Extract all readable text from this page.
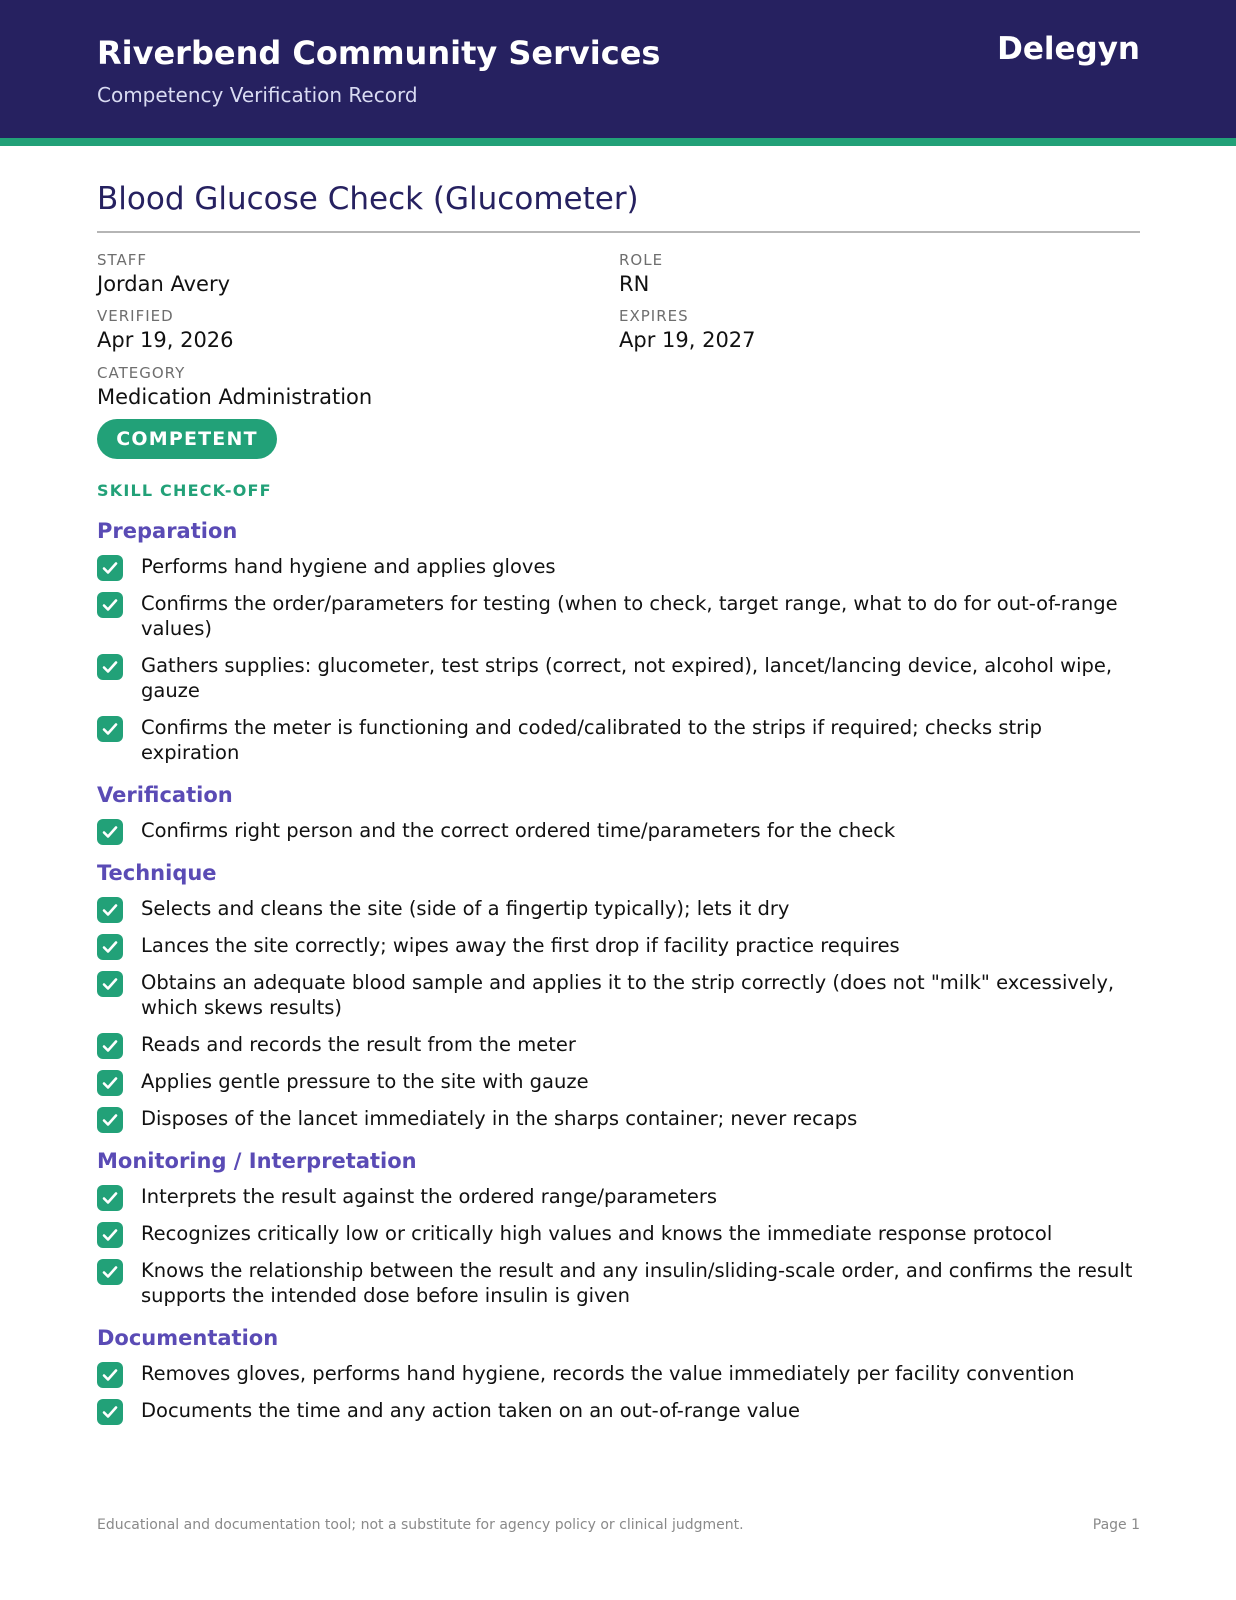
Riverbend Community Services
Competency Verification Record
Delegyn
Blood Glucose Check (Glucometer)
STAFF
Jordan Avery
ROLE
RN
VERIFIED
Apr 19, 2026
EXPIRES
Apr 19, 2027
CATEGORY
Medication Administration
COMPETENT
SKILL CHECK-OFF
Preparation
Performs hand hygiene and applies gloves
Confirms the order/parameters for testing (when to check, target range, what to do for out-of-range values)
Gathers supplies: glucometer, test strips (correct, not expired), lancet/lancing device, alcohol wipe, gauze
Confirms the meter is functioning and coded/calibrated to the strips if required; checks strip expiration
Verification
Confirms right person and the correct ordered time/parameters for the check
Technique
Selects and cleans the site (side of a fingertip typically); lets it dry
Lances the site correctly; wipes away the first drop if facility practice requires
Obtains an adequate blood sample and applies it to the strip correctly (does not "milk" excessively, which skews results)
Reads and records the result from the meter
Applies gentle pressure to the site with gauze
Disposes of the lancet immediately in the sharps container; never recaps
Monitoring / Interpretation
Interprets the result against the ordered range/parameters
Recognizes critically low or critically high values and knows the immediate response protocol
Knows the relationship between the result and any insulin/sliding-scale order, and confirms the result supports the intended dose before insulin is given
Documentation
Removes gloves, performs hand hygiene, records the value immediately per facility convention
Documents the time and any action taken on an out-of-range value
Educational and documentation tool; not a substitute for agency policy or clinical judgment.	Page 1
